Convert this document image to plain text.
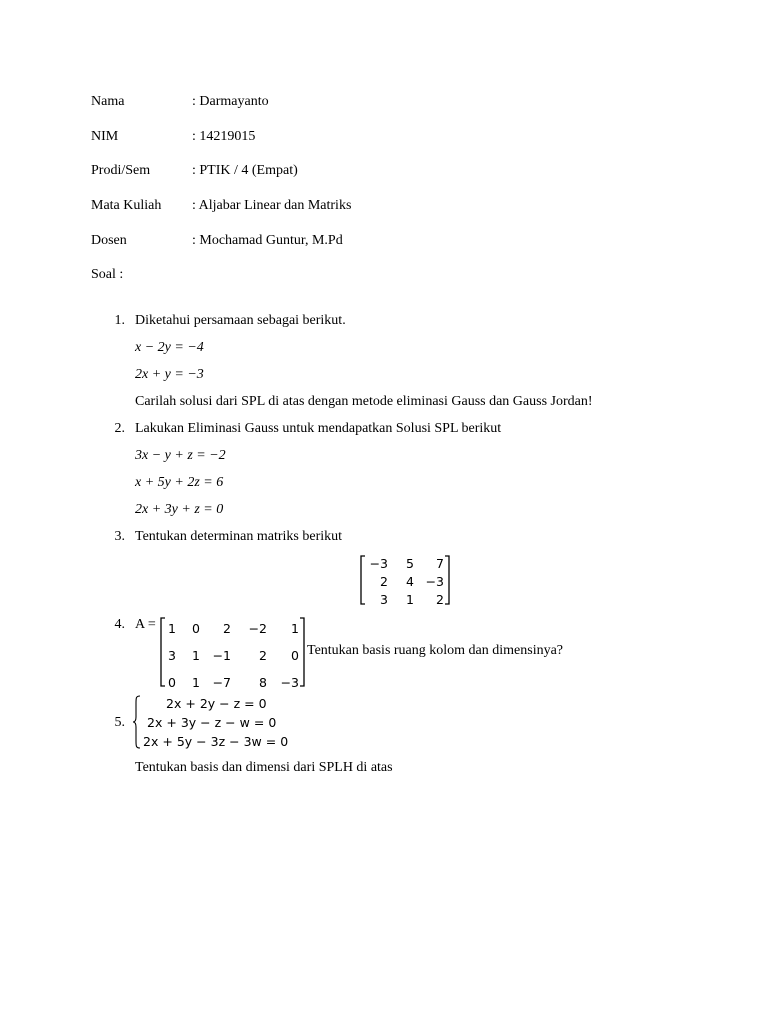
Nama	: Darmayanto
NIM	: 14219015
Prodi/Sem	: PTIK / 4 (Empat)
Mata Kuliah : Aljabar Linear dan Matriks
Dosen	: Mochamad Guntur, M.Pd
Soal :
1. Diketahui persamaan sebagai berikut.
x − 2y = −4
2x + y = −3
Carilah solusi dari SPL di atas dengan metode eliminasi Gauss dan Gauss Jordan!
2. Lakukan Eliminasi Gauss untuk mendapatkan Solusi SPL berikut
3x − y + z = −2
x + 5y + 2z = 6
2x + 3y + z = 0
3. Tentukan determinan matriks berikut
−3	5	7
2	4	−3
3	1	2
4. A = 1	0	2	−2	1
3	1	−1	2	0
0	1	−7	8	−3
Tentukan basis ruang kolom dan dimensinya?
5.
2x + 2y − z = 0
2x + 3y − z − w = 0
2x + 5y − 3z − 3w = 0
Tentukan basis dan dimensi dari SPLH di atas
